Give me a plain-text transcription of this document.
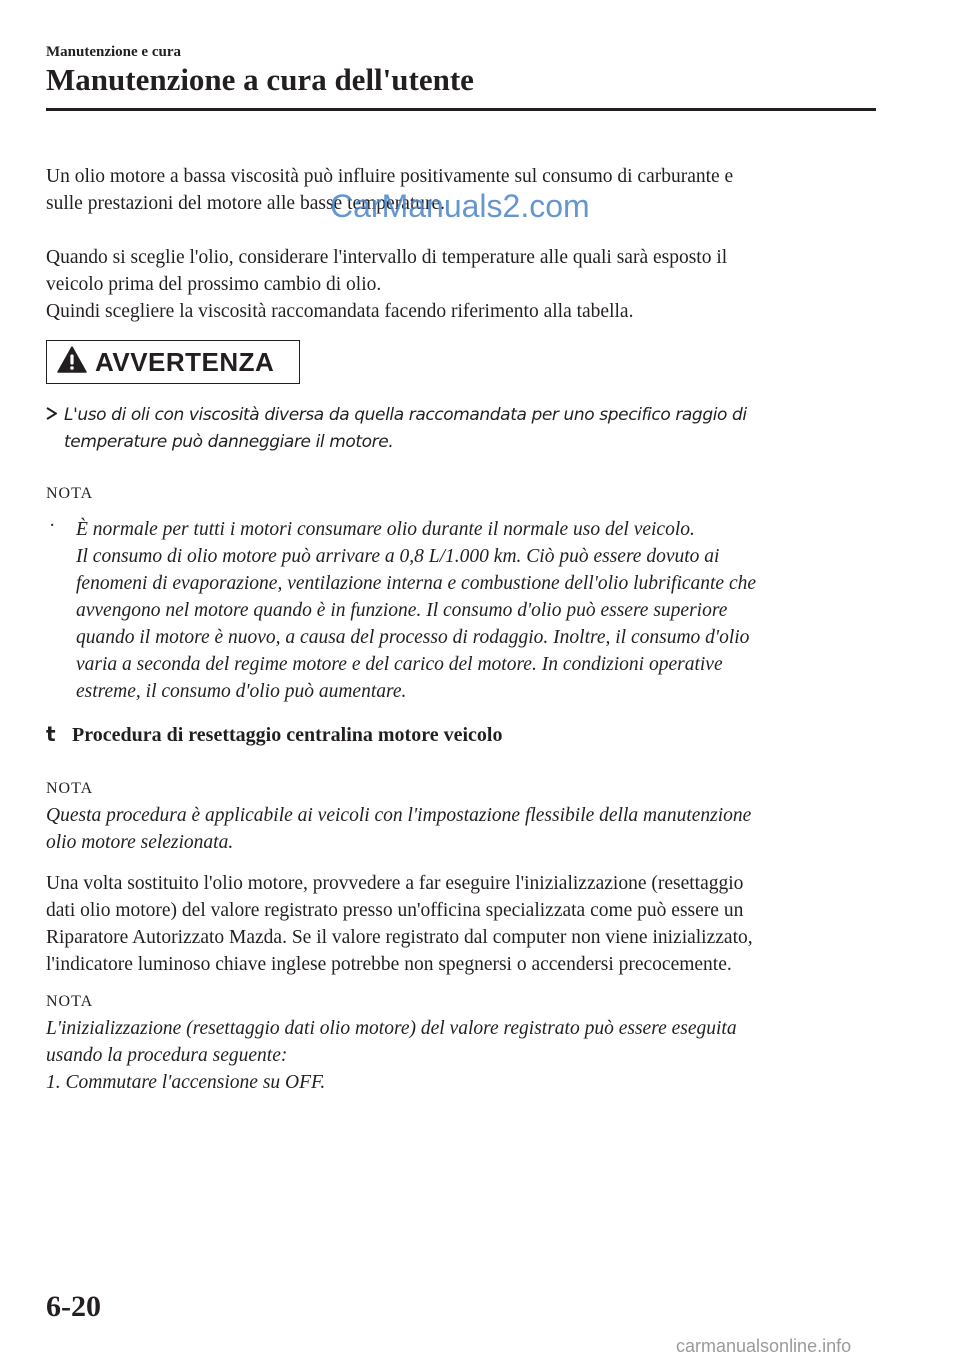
Manutenzione e cura
Manutenzione a cura dell'utente
Un olio motore a bassa viscosità può influire positivamente sul consumo di carburante e
sulle prestazioni del motore alle basse temperature.
Quando si sceglie l'olio, considerare l'intervallo di temperature alle quali sarà esposto il
veicolo prima del prossimo cambio di olio.
Quindi scegliere la viscosità raccomandata facendo riferimento alla tabella.
AVVERTENZA
L'uso di oli con viscosità diversa da quella raccomandata per uno specifico raggio di
temperature può danneggiare il motore.
NOTA
· È normale per tutti i motori consumare olio durante il normale uso del veicolo.
Il consumo di olio motore può arrivare a 0,8 L/1.000 km. Ciò può essere dovuto ai
fenomeni di evaporazione, ventilazione interna e combustione dell'olio lubrificante che
avvengono nel motore quando è in funzione. Il consumo d'olio può essere superiore
quando il motore è nuovo, a causa del processo di rodaggio. Inoltre, il consumo d'olio
varia a seconda del regime motore e del carico del motore. In condizioni operative
estreme, il consumo d'olio può aumentare.
t Procedura di resettaggio centralina motore veicolo
NOTA
Questa procedura è applicabile ai veicoli con l'impostazione flessibile della manutenzione
olio motore selezionata.
Una volta sostituito l'olio motore, provvedere a far eseguire l'inizializzazione (resettaggio
dati olio motore) del valore registrato presso un'officina specializzata come può essere un
Riparatore Autorizzato Mazda. Se il valore registrato dal computer non viene inizializzato,
l'indicatore luminoso chiave inglese potrebbe non spegnersi o accendersi precocemente.
NOTA
L'inizializzazione (resettaggio dati olio motore) del valore registrato può essere eseguita
usando la procedura seguente:
1. Commutare l'accensione su OFF.
6-20
CarManuals2.com
carmanualsonline.info
